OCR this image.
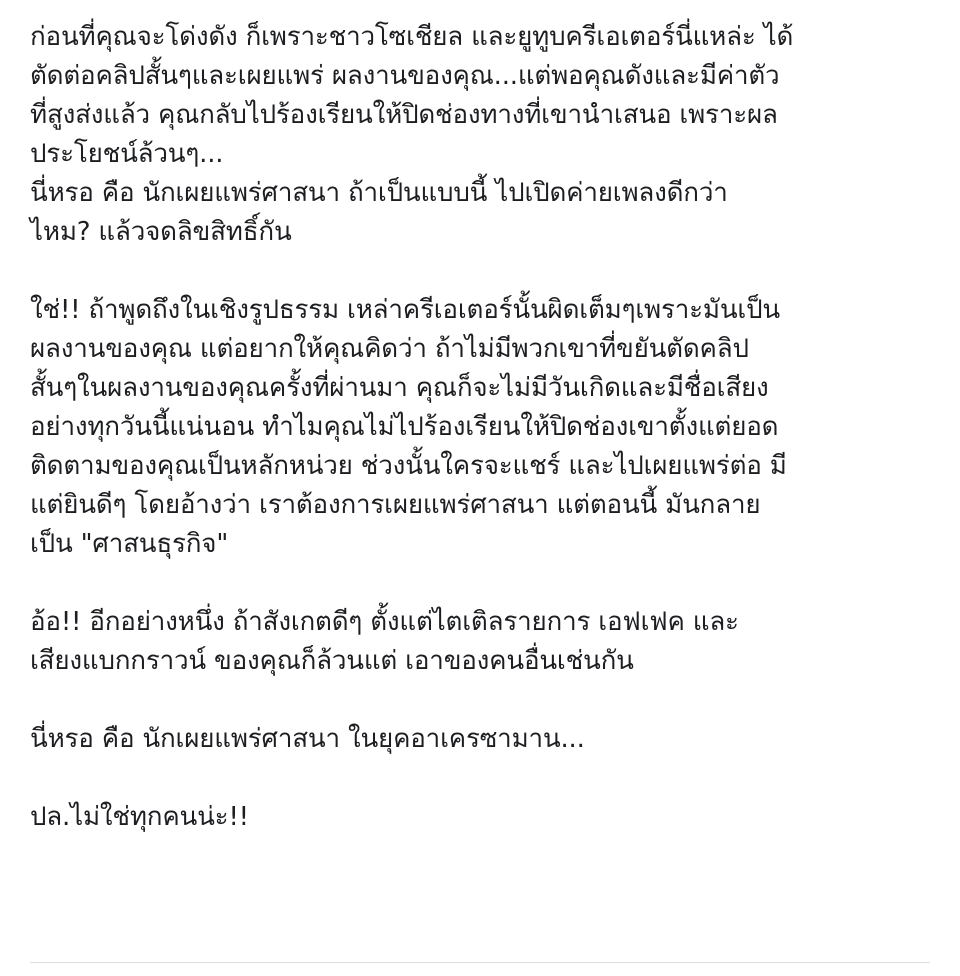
ก่อนที่คุณจะโด่งดัง ก็เพราะชาวโซเชียล และยูทูบครีเอเตอร์นี่แหล่ะ ได้
ตัดต่อคลิปสั้นๆและเผยแพร่ ผลงานของคุณ...แต่พอคุณดังและมีค่าตัว
ที่สูงส่งแล้ว คุณกลับไปร้องเรียนให้ปิดช่องทางที่เขานำเสนอ เพราะผล
ประโยชน์ล้วนๆ...
นี่หรอ คือ นักเผยแพร่ศาสนา ถ้าเป็นแบบนี้ ไปเปิดค่ายเพลงดีกว่า
ไหม? แล้วจดลิขสิทธิ์กัน
ใช่!! ถ้าพูดถึงในเชิงรูปธรรม เหล่าครีเอเตอร์นั้นผิดเต็มๆเพราะมันเป็น
ผลงานของคุณ แต่อยากให้คุณคิดว่า ถ้าไม่มีพวกเขาที่ขยันตัดคลิป
สั้นๆในผลงานของคุณครั้งที่ผ่านมา คุณก็จะไม่มีวันเกิดและมีชื่อเสียง
อย่างทุกวันนี้แน่นอน ทำไมคุณไม่ไปร้องเรียนให้ปิดช่องเขาตั้งแต่ยอด
ติดตามของคุณเป็นหลักหน่วย ช่วงนั้นใครจะแชร์ และไปเผยแพร่ต่อ มี
แต่ยินดีๆ โดยอ้างว่า เราต้องการเผยแพร่ศาสนา แต่ตอนนี้ มันกลาย
เป็น "ศาสนธุรกิจ"
อ้อ!! อีกอย่างหนึ่ง ถ้าสังเกตดีๆ ตั้งแต่ไตเติลรายการ เอฟเฟค และ
เสียงแบกกราวน์ ของคุณก็ล้วนแต่ เอาของคนอื่นเช่นกัน
นี่หรอ คือ นักเผยแพร่ศาสนา ในยุคอาเครซามาน...
ปล.ไม่ใช่ทุกคนน่ะ!!
